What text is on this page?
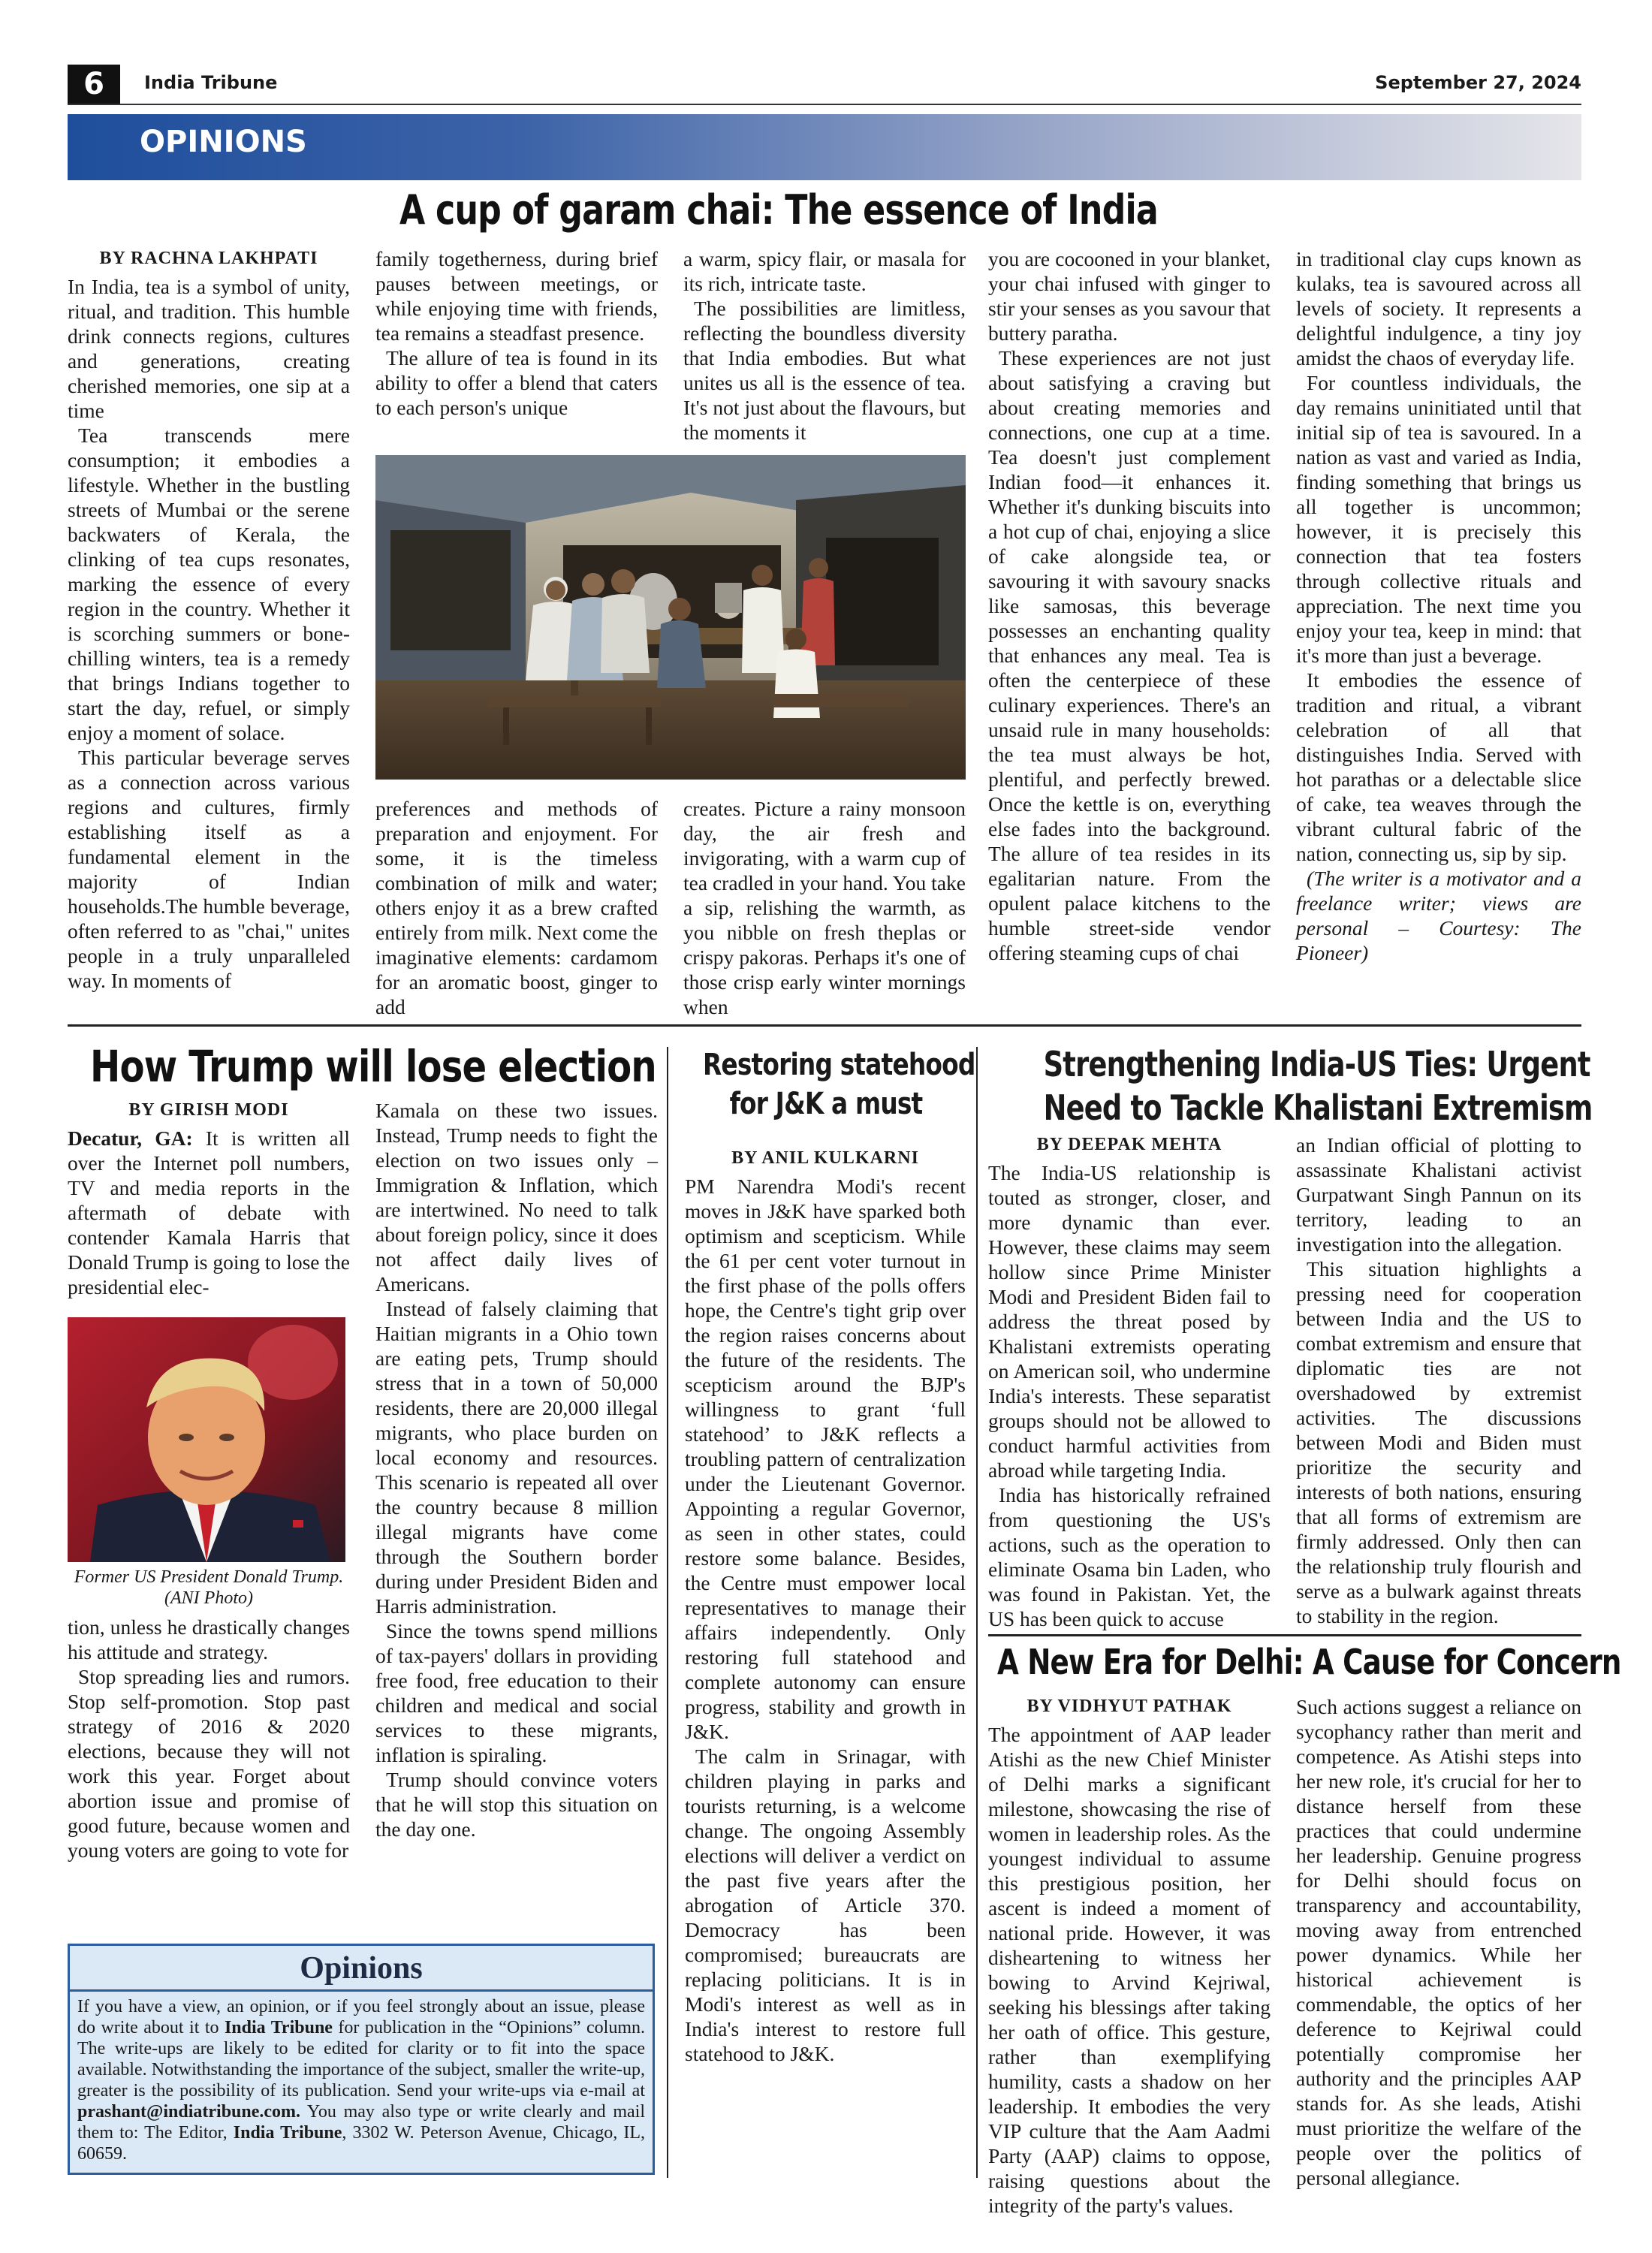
6	India Tribune	September 27, 2024
OPINIONS
A cup of garam chai: The essence of India
BY RACHNA LAKHPATI

In India, tea is a symbol of unity, ritual, and tradition. This humble drink connects regions, cultures and generations, creating cherished memories, one sip at a time

Tea transcends mere consumption; it embodies a lifestyle. Whether in the bustling streets of Mumbai or the serene backwaters of Kerala, the clinking of tea cups resonates, marking the essence of every region in the country. Whether it is scorching summers or bone-chilling winters, tea is a remedy that brings Indians together to start the day, refuel, or simply enjoy a moment of solace.

This particular beverage serves as a connection across various regions and cultures, firmly establishing itself as a fundamental element in the majority of Indian households.The humble beverage, often referred to as "chai," unites people in a truly unparalleled way. In moments of

family togetherness, during brief pauses between meetings, or while enjoying time with friends, tea remains a steadfast presence.

The allure of tea is found in its ability to offer a blend that caters to each person's unique

a warm, spicy flair, or masala for its rich, intricate taste.

The possibilities are limitless, reflecting the boundless diversity that India embodies. But what unites us all is the essence of tea. It's not just about the flavours, but the moments it

preferences and methods of preparation and enjoyment. For some, it is the timeless combination of milk and water; others enjoy it as a brew crafted entirely from milk. Next come the imaginative elements: cardamom for an aromatic boost, ginger to add

creates. Picture a rainy monsoon day, the air fresh and invigorating, with a warm cup of tea cradled in your hand. You take a sip, relishing the warmth, as you nibble on fresh theplas or crispy pakoras. Perhaps it's one of those crisp early winter mornings when

you are cocooned in your blanket, your chai infused with ginger to stir your senses as you savour that buttery paratha.

These experiences are not just about satisfying a craving but about creating memories and connections, one cup at a time. Tea doesn't just complement Indian food—it enhances it. Whether it's dunking biscuits into a hot cup of chai, enjoying a slice of cake alongside tea, or savouring it with savoury snacks like samosas, this beverage possesses an enchanting quality that enhances any meal. Tea is often the centerpiece of these culinary experiences. There's an unsaid rule in many households: the tea must always be hot, plentiful, and perfectly brewed. Once the kettle is on, everything else fades into the background. The allure of tea resides in its egalitarian nature. From the opulent palace kitchens to the humble street-side vendor offering steaming cups of chai

in traditional clay cups known as kulaks, tea is savoured across all levels of society. It represents a delightful indulgence, a tiny joy amidst the chaos of everyday life.

For countless individuals, the day remains uninitiated until that initial sip of tea is savoured. In a nation as vast and varied as India, finding something that brings us all together is uncommon; however, it is precisely this connection that tea fosters through collective rituals and appreciation. The next time you enjoy your tea, keep in mind: that it's more than just a beverage.

It embodies the essence of tradition and ritual, a vibrant celebration of all that distinguishes India. Served with hot parathas or a delectable slice of cake, tea weaves through the vibrant cultural fabric of the nation, connecting us, sip by sip.

(The writer is a motivator and a freelance writer; views are personal – Courtesy: The Pioneer)

How Trump will lose election
BY GIRISH MODI

Decatur, GA: It is written all over the Internet poll numbers, TV and media reports in the aftermath of debate with contender Kamala Harris that Donald Trump is going to lose the presidential elec-

Former US President Donald Trump. (ANI Photo)

tion, unless he drastically changes his attitude and strategy.

Stop spreading lies and rumors. Stop self-promotion. Stop past strategy of 2016 & 2020 elections, because they will not work this year. Forget about abortion issue and promise of good future, because women and young voters are going to vote for

Kamala on these two issues. Instead, Trump needs to fight the election on two issues only – Immigration & Inflation, which are intertwined. No need to talk about foreign policy, since it does not affect daily lives of Americans.

Instead of falsely claiming that Haitian migrants in a Ohio town are eating pets, Trump should stress that in a town of 50,000 residents, there are 20,000 illegal migrants, who place burden on local economy and resources. This scenario is repeated all over the country because 8 million illegal migrants have come through the Southern border during under President Biden and Harris administration.

Since the towns spend millions of tax-payers' dollars in providing free food, free education to their children and medical and social services to these migrants, inflation is spiraling.

Trump should convince voters that he will stop this situation on the day one.

Opinions
If you have a view, an opinion, or if you feel strongly about an issue, please do write about it to India Tribune for publication in the “Opinions” column. The write-ups are likely to be edited for clarity or to fit into the space available. Notwithstanding the importance of the subject, smaller the write-up, greater is the possibility of its publication. Send your write-ups via e-mail at prashant@indiatribune.com. You may also type or write clearly and mail them to: The Editor, India Tribune, 3302 W. Peterson Avenue, Chicago, IL, 60659.
Restoring statehood
for J&K a must
BY ANIL KULKARNI

PM Narendra Modi's recent moves in J&K have sparked both optimism and scepticism. While the 61 per cent voter turnout in the first phase of the polls offers hope, the Centre's tight grip over the region raises concerns about the future of the residents. The scepticism around the BJP's willingness to grant ‘full statehood’ to J&K reflects a troubling pattern of centralization under the Lieutenant Governor. Appointing a regular Governor, as seen in other states, could restore some balance. Besides, the Centre must empower local representatives to manage their affairs independently. Only restoring full statehood and complete autonomy can ensure progress, stability and growth in J&K.

The calm in Srinagar, with children playing in parks and tourists returning, is a welcome change. The ongoing Assembly elections will deliver a verdict on the past five years after the abrogation of Article 370. Democracy has been compromised; bureaucrats are replacing politicians. It is in Modi's interest as well as in India's interest to restore full statehood to J&K.

Strengthening India-US Ties: Urgent
Need to Tackle Khalistani Extremism
BY DEEPAK MEHTA

The India-US relationship is touted as stronger, closer, and more dynamic than ever. However, these claims may seem hollow since Prime Minister Modi and President Biden fail to address the threat posed by Khalistani extremists operating on American soil, who undermine India's interests. These separatist groups should not be allowed to conduct harmful activities from abroad while targeting India.

India has historically refrained from questioning the US's actions, such as the operation to eliminate Osama bin Laden, who was found in Pakistan. Yet, the US has been quick to accuse

an Indian official of plotting to assassinate Khalistani activist Gurpatwant Singh Pannun on its territory, leading to an investigation into the allegation.

This situation highlights a pressing need for cooperation between India and the US to combat extremism and ensure that diplomatic ties are not overshadowed by extremist activities. The discussions between Modi and Biden must prioritize the security and interests of both nations, ensuring that all forms of extremism are firmly addressed. Only then can the relationship truly flourish and serve as a bulwark against threats to stability in the region.

A New Era for Delhi: A Cause for Concern
BY VIDHYUT PATHAK

The appointment of AAP leader Atishi as the new Chief Minister of Delhi marks a significant milestone, showcasing the rise of women in leadership roles. As the youngest individual to assume this prestigious position, her ascent is indeed a moment of national pride. However, it was disheartening to witness her bowing to Arvind Kejriwal, seeking his blessings after taking her oath of office. This gesture, rather than exemplifying humility, casts a shadow on her leadership. It embodies the very VIP culture that the Aam Aadmi Party (AAP) claims to oppose, raising questions about the integrity of the party's values.

Such actions suggest a reliance on sycophancy rather than merit and competence. As Atishi steps into her new role, it's crucial for her to distance herself from these practices that could undermine her leadership. Genuine progress for Delhi should focus on transparency and accountability, moving away from entrenched power dynamics. While her historical achievement is commendable, the optics of her deference to Kejriwal could potentially compromise her authority and the principles AAP stands for. As she leads, Atishi must prioritize the welfare of the people over the politics of personal allegiance.
